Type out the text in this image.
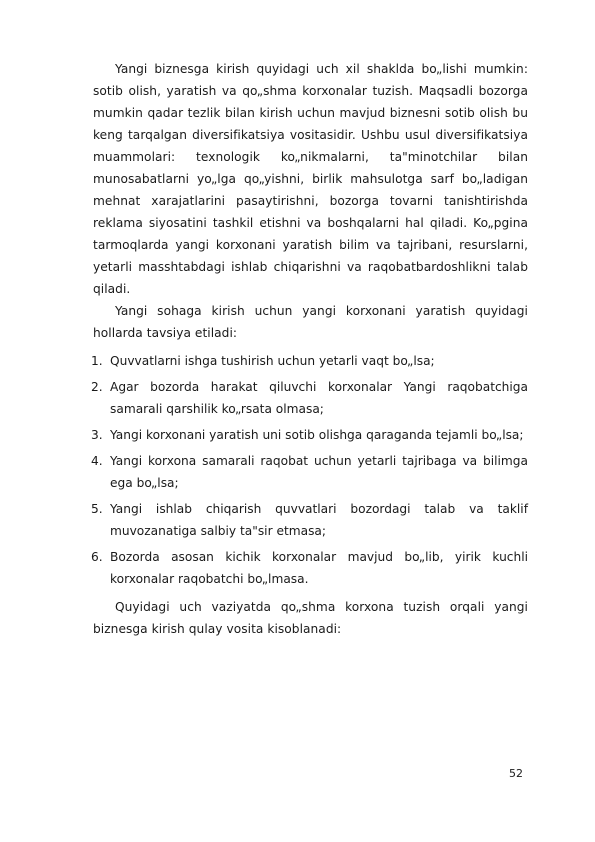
Yangi biznesga kirish quyidagi uch xil shaklda bo„lishi mumkin: sotib olish, yaratish va qo„shma korxonalar tuzish. Maqsadli bozorga mumkin qadar tezlik bilan kirish uchun mavjud biznesni sotib olish bu keng tarqalgan diversifikatsiya vositasidir. Ushbu usul diversifikatsiya muammolari: texnologik ko„nikmalarni, ta"minotchilar bilan munosabatlarni yo„lga qo„yishni, birlik mahsulotga sarf bo„ladigan mehnat xarajatlarini pasaytirishni, bozorga tovarni tanishtirishda reklama siyosatini tashkil etishni va boshqalarni hal qiladi. Ko„pgina tarmoqlarda yangi korxonani yaratish bilim va tajribani, resurslarni, yetarli masshtabdagi ishlab chiqarishni va raqobatbardoshlikni talab qiladi.

Yangi sohaga kirish uchun yangi korxonani yaratish quyidagi hollarda tavsiya etiladi:

1. Quvvatlarni ishga tushirish uchun yetarli vaqt bo„lsa;
2. Agar bozorda harakat qiluvchi korxonalar Yangi raqobatchiga samarali qarshilik ko„rsata olmasa;
3. Yangi korxonani yaratish uni sotib olishga qaraganda tejamli bo„lsa;
4. Yangi korxona samarali raqobat uchun yetarli tajribaga va bilimga ega bo„lsa;
5. Yangi ishlab chiqarish quvvatlari bozordagi talab va taklif muvozanatiga salbiy ta"sir etmasa;
6. Bozorda asosan kichik korxonalar mavjud bo„lib, yirik kuchli korxonalar raqobatchi bo„lmasa.

Quyidagi uch vaziyatda qo„shma korxona tuzish orqali yangi biznesga kirish qulay vosita kisoblanadi:

52
